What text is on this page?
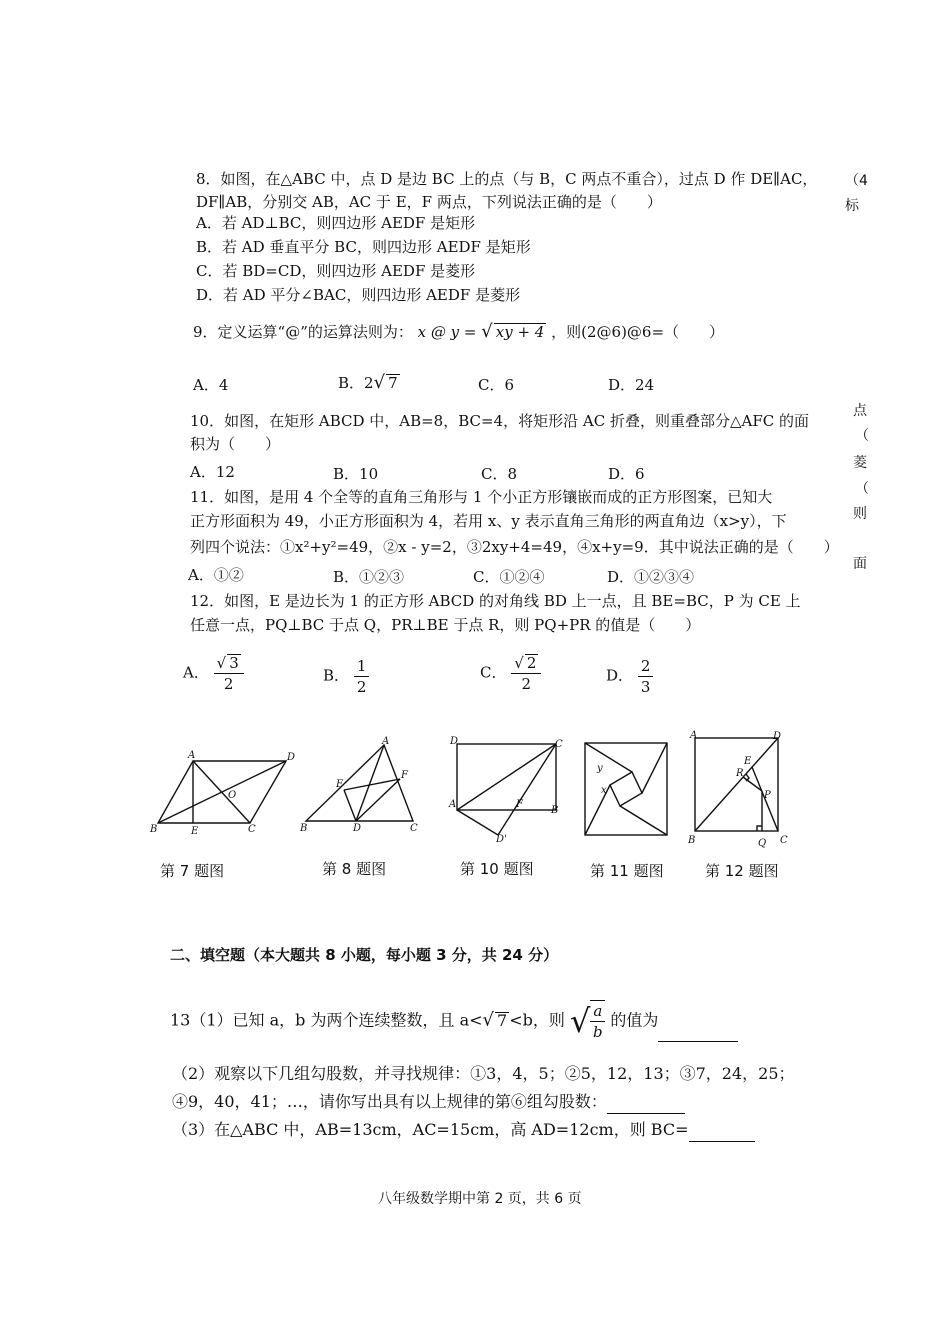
8．如图，在△ABC 中，点 D 是边 BC 上的点（与 B，C 两点不重合），过点 D 作 DE∥AC，
DF∥AB，分别交 AB，AC 于 E，F 两点，下列说法正确的是（　　）
A．若 AD⊥BC，则四边形 AEDF 是矩形
B．若 AD 垂直平分 BC，则四边形 AEDF 是矩形
C．若 BD=CD，则四边形 AEDF 是菱形
D．若 AD 平分∠BAC，则四边形 AEDF 是菱形
9．定义运算“@”的运算法则为： x @ y = √ xy + 4 ，则(2@6)@6=（　　）
A．4	B．2√ 7	C．6	D．24
10．如图，在矩形 ABCD 中，AB=8，BC=4，将矩形沿 AC 折叠，则重叠部分△AFC 的面
积为（　　）
A．12	B．10	C．8	D．6
11．如图，是用 4 个全等的直角三角形与 1 个小正方形镶嵌而成的正方形图案，已知大
正方形面积为 49，小正方形面积为 4，若用 x、y 表示直角三角形的两直角边（x>y），下
列四个说法：①x²+y²=49，②x - y=2，③2xy+4=49，④x+y=9．其中说法正确的是（　　）
A．①②	B．①②③	C．①②④	D．①②③④
12．如图，E 是边长为 1 的正方形 ABCD 的对角线 BD 上一点，且 BE=BC，P 为 CE 上
任意一点，PQ⊥BC 于点 Q，PR⊥BE 于点 R，则 PQ+PR 的值是（　　）
A． $\frac{√ 3}{2}$	B． $\frac{1}{2}$	C． $\frac{√ 2}{2}$	D． $\frac{2}{3}$
A	D
B	E	C
O
A
E
F
B	D	C
D	C
A	F
B
D'
y
x
A	D
E
R
P
B	Q C
第 7 题图	第 8 题图	第 10 题图	第 11 题图	第 12 题图
二、填空题（本大题共 8 小题，每小题 3 分，共 24 分）
13（1）已知 a，b 为两个连续整数，且 a<√ 7 <b，则 √ $\frac{a}{b}$ 的值为
（2）观察以下几组勾股数，并寻找规律：①3，4，5；②5，12，13；③7，24，25；
④9，40，41；…，请你写出具有以上规律的第⑥组勾股数：
（3）在△ABC 中，AB=13cm，AC=15cm，高 AD=12cm，则 BC=
八年级数学期中第 2 页，共 6 页
（4
标
点
（
菱
（
则
面
